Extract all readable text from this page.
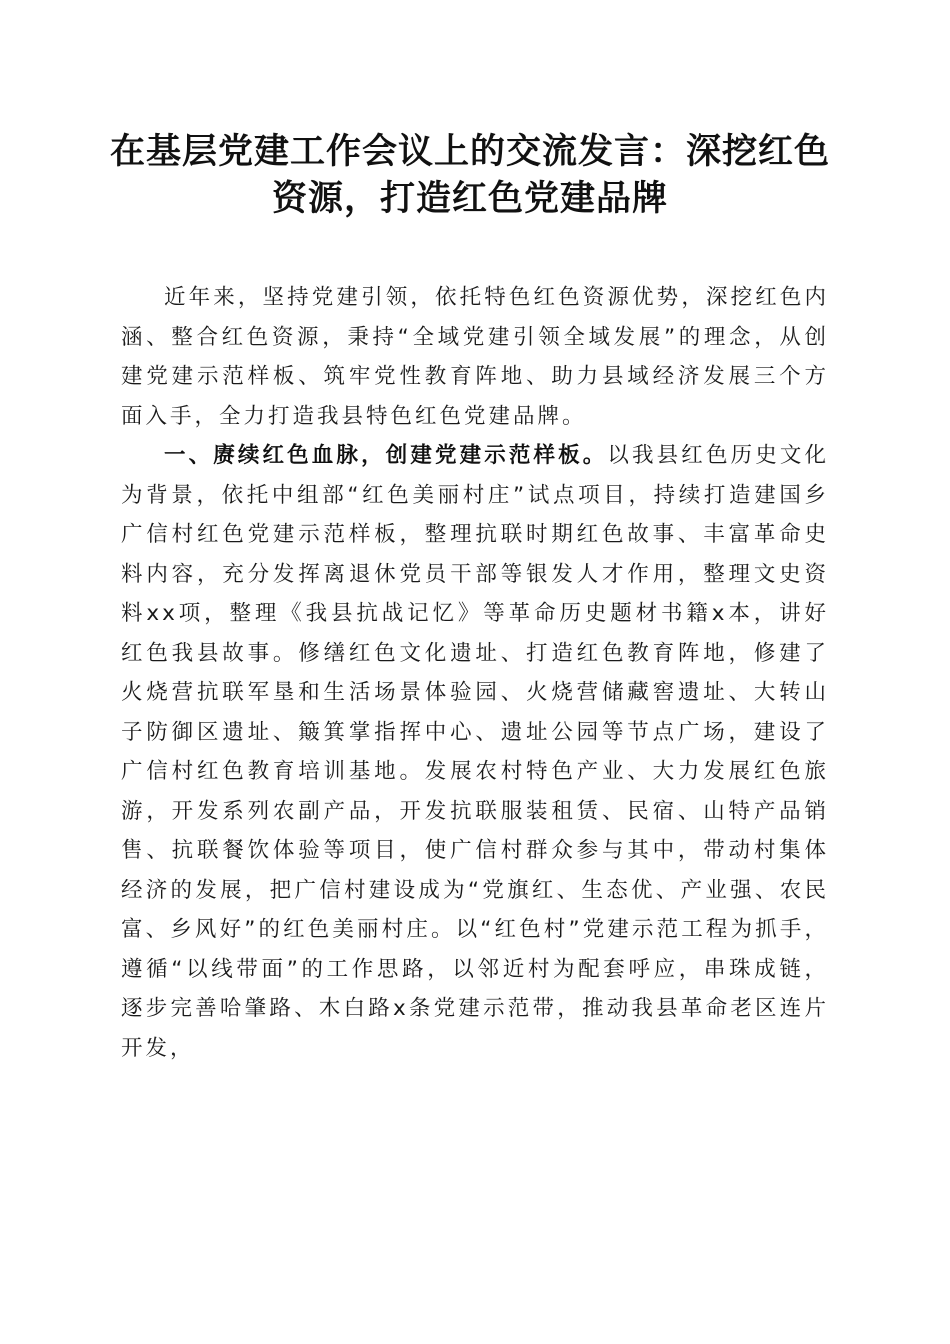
在基层党建工作会议上的交流发言：深挖红色资源，打造红色党建品牌

近年来，坚持党建引领，依托特色红色资源优势，深挖红色内涵、整合红色资源，秉持“全域党建引领全域发展”的理念，从创建党建示范样板、筑牢党性教育阵地、助力县域经济发展三个方面入手，全力打造我县特色红色党建品牌。

一、赓续红色血脉，创建党建示范样板。以我县红色历史文化为背景，依托中组部“红色美丽村庄”试点项目，持续打造建国乡广信村红色党建示范样板，整理抗联时期红色故事、丰富革命史料内容，充分发挥离退休党员干部等银发人才作用，整理文史资料xx项，整理《我县抗战记忆》等革命历史题材书籍x本，讲好红色我县故事。修缮红色文化遗址、打造红色教育阵地，修建了火烧营抗联军垦和生活场景体验园、火烧营储藏窖遗址、大转山子防御区遗址、簸箕掌指挥中心、遗址公园等节点广场，建设了广信村红色教育培训基地。发展农村特色产业、大力发展红色旅游，开发系列农副产品，开发抗联服装租赁、民宿、山特产品销售、抗联餐饮体验等项目，使广信村群众参与其中，带动村集体经济的发展，把广信村建设成为“党旗红、生态优、产业强、农民富、乡风好”的红色美丽村庄。以“红色村”党建示范工程为抓手，遵循“以线带面”的工作思路，以邻近村为配套呼应，串珠成链，逐步完善哈肇路、木白路x条党建示范带，推动我县革命老区连片开发，
